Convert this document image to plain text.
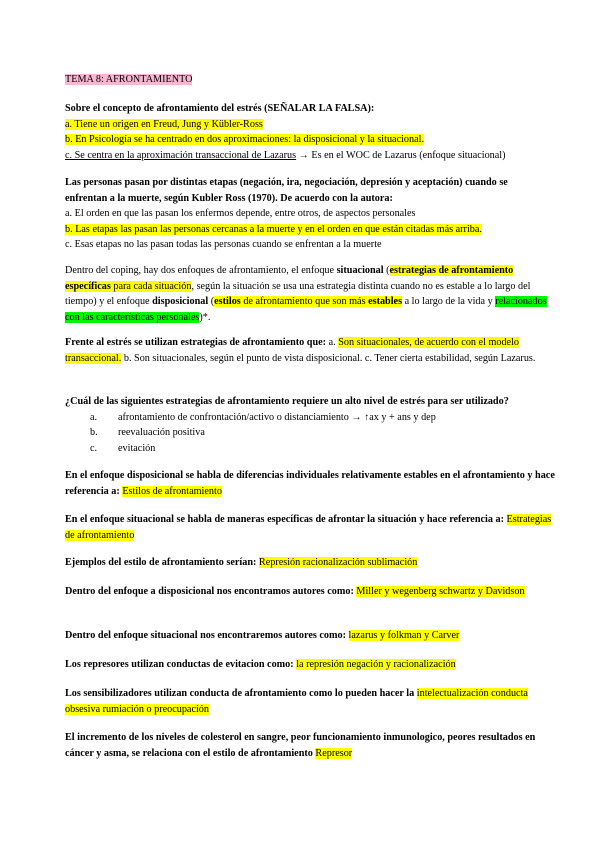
TEMA 8: AFRONTAMIENTO
Sobre el concepto de afrontamiento del estrés (SEÑALAR LA FALSA):
a. Tiene un origen en Freud, Jung y Kübler-Ross
b. En Psicología se ha centrado en dos aproximaciones: la disposicional y la situacional.
c. Se centra en la aproximación transaccional de Lazarus → Es en el WOC de Lazarus (enfoque situacional)
Las personas pasan por distintas etapas (negación, ira, negociación, depresión y aceptación) cuando se
enfrentan a la muerte, según Kubler Ross (1970). De acuerdo con la autora:
a. El orden en que las pasan los enfermos depende, entre otros, de aspectos personales
b. Las etapas las pasan las personas cercanas a la muerte y en el orden en que están citadas más arriba.
c. Esas etapas no las pasan todas las personas cuando se enfrentan a la muerte
Dentro del coping, hay dos enfoques de afrontamiento, el enfoque situacional (estrategias de afrontamiento específicas para cada situación, según la situación se usa una estrategia distinta cuando no es estable a lo largo del tiempo) y el enfoque disposicional (estilos de afrontamiento que son más estables a lo largo de la vida y relacionados con las características personales)*.
Frente al estrés se utilizan estrategias de afrontamiento que: a. Son situacionales, de acuerdo con el modelo transaccional. b. Son situacionales, según el punto de vista disposicional. c. Tener cierta estabilidad, según Lazarus.
¿Cuál de las siguientes estrategias de afrontamiento requiere un alto nivel de estrés para ser utilizado?
a.	afrontamiento de confrontación/activo o distanciamiento → ↑ax y + ans y dep
b.	reevaluación positiva
c.	evitación
En el enfoque disposicional se habla de diferencias individuales relativamente estables en el afrontamiento y hace referencia a: Estilos de afrontamiento
En el enfoque situacional se habla de maneras específicas de afrontar la situación y hace referencia a: Estrategias de afrontamiento
Ejemplos del estilo de afrontamiento serían: Represión racionalización sublimación
Dentro del enfoque a disposicional nos encontramos autores como: Miller y wegenberg schwartz y Davidson
Dentro del enfoque situacional nos encontraremos autores como: lazarus y folkman y Carver
Los represores utilizan conductas de evitacion como: la represión negación y racionalización
Los sensibilizadores utilizan conducta de afrontamiento como lo pueden hacer la intelectualización conducta obsesiva rumiación o preocupación
El incremento de los niveles de colesterol en sangre, peor funcionamiento inmunologico, peores resultados en cáncer y asma, se relaciona con el estilo de afrontamiento Represor
